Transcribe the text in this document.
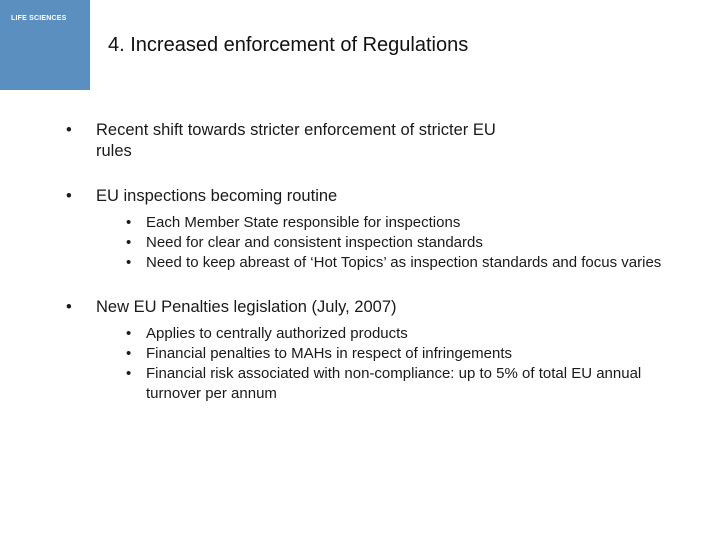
LIFE SCIENCES
4. Increased enforcement of Regulations
•	Recent shift towards stricter enforcement of stricter EU rules
•	EU inspections becoming routine
• Each Member State responsible for inspections
• Need for clear and consistent inspection standards
• Need to keep abreast of ‘Hot Topics’ as inspection standards and focus varies
•	New EU Penalties legislation (July, 2007)
• Applies to centrally authorized products
• Financial penalties to MAHs in respect of infringements
• Financial risk associated with non-compliance: up to 5% of total EU annual turnover per annum
